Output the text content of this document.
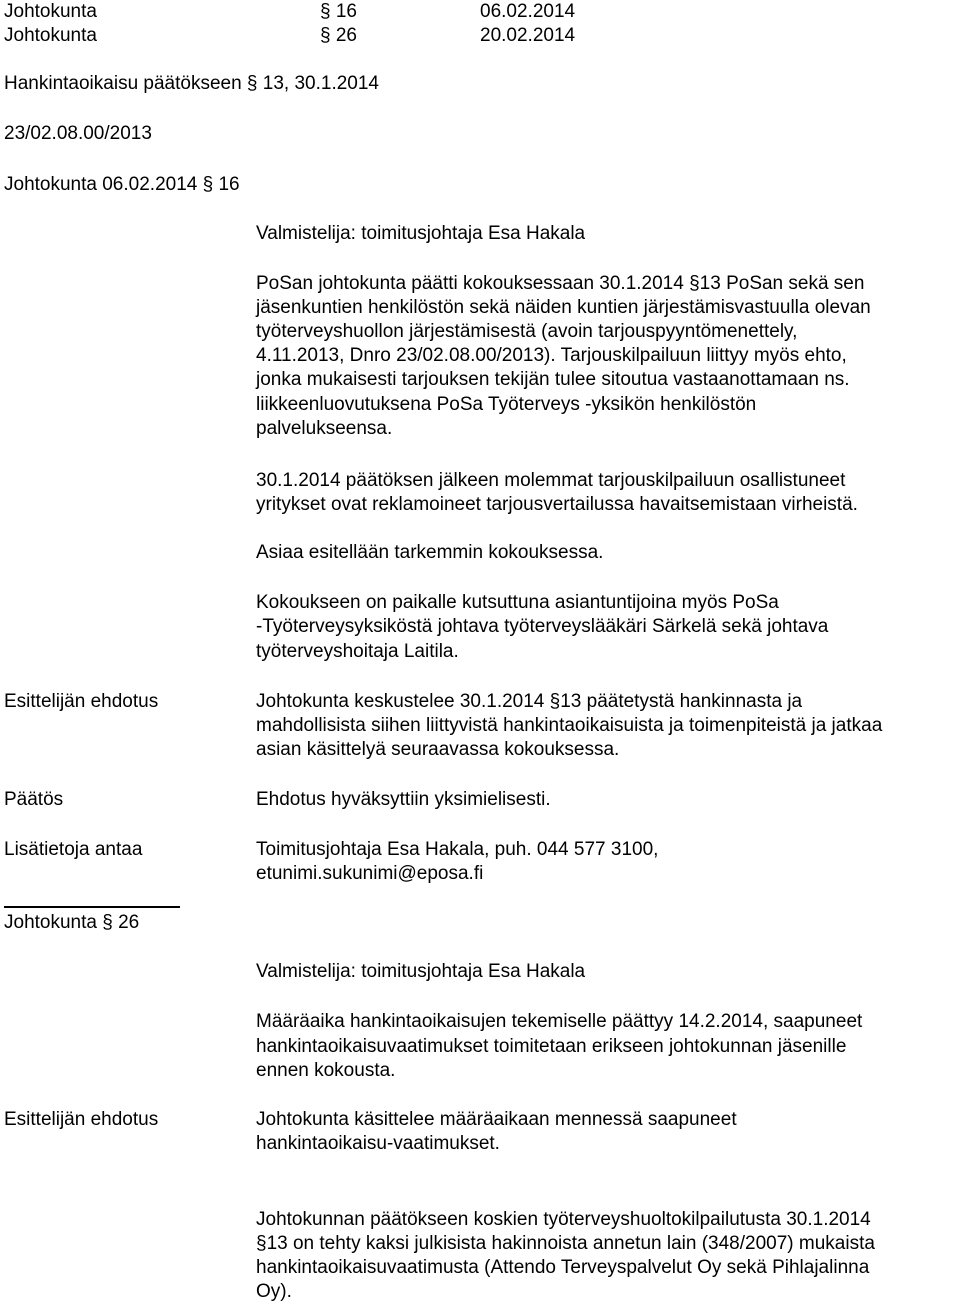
Johtokunta	§ 16	06.02.2014
Johtokunta	§ 26	20.02.2014
Hankintaoikaisu päätökseen § 13, 30.1.2014
23/02.08.00/2013
Johtokunta 06.02.2014 § 16
Valmistelija: toimitusjohtaja Esa Hakala
PoSan johtokunta päätti kokouksessaan 30.1.2014 §13 PoSan sekä sen
jäsenkuntien henkilöstön sekä näiden kuntien järjestämisvastuulla olevan
työterveyshuollon järjestämisestä (avoin tarjouspyyntömenettely,
4.11.2013, Dnro 23/02.08.00/2013). Tarjouskilpailuun liittyy myös ehto,
jonka mukaisesti tarjouksen tekijän tulee sitoutua vastaanottamaan ns.
liikkeenluovutuksena PoSa Työterveys -yksikön henkilöstön
palvelukseensa.
30.1.2014 päätöksen jälkeen molemmat tarjouskilpailuun osallistuneet
yritykset ovat reklamoineet tarjousvertailussa havaitsemistaan virheistä.
Asiaa esitellään tarkemmin kokouksessa.
Kokoukseen on paikalle kutsuttuna asiantuntijoina myös PoSa
-Työterveysyksiköstä johtava työterveyslääkäri Särkelä sekä johtava
työterveyshoitaja Laitila.
Esittelijän ehdotus	Johtokunta keskustelee 30.1.2014 §13 päätetystä hankinnasta ja
mahdollisista siihen liittyvistä hankintaoikaisuista ja toimenpiteistä ja jatkaa
asian käsittelyä seuraavassa kokouksessa.
Päätös	Ehdotus hyväksyttiin yksimielisesti.
Lisätietoja antaa	Toimitusjohtaja Esa Hakala, puh. 044 577 3100,
etunimi.sukunimi@eposa.fi
Johtokunta § 26
Valmistelija: toimitusjohtaja Esa Hakala
Määräaika hankintaoikaisujen tekemiselle päättyy 14.2.2014, saapuneet
hankintaoikaisuvaatimukset toimitetaan erikseen johtokunnan jäsenille
ennen kokousta.
Esittelijän ehdotus	Johtokunta käsittelee määräaikaan mennessä saapuneet
hankintaoikaisu-vaatimukset.
Johtokunnan päätökseen koskien työterveyshuoltokilpailutusta 30.1.2014
§13 on tehty kaksi julkisista hakinnoista annetun lain (348/2007) mukaista
hankintaoikaisuvaatimusta (Attendo Terveyspalvelut Oy sekä Pihlajalinna
Oy).
